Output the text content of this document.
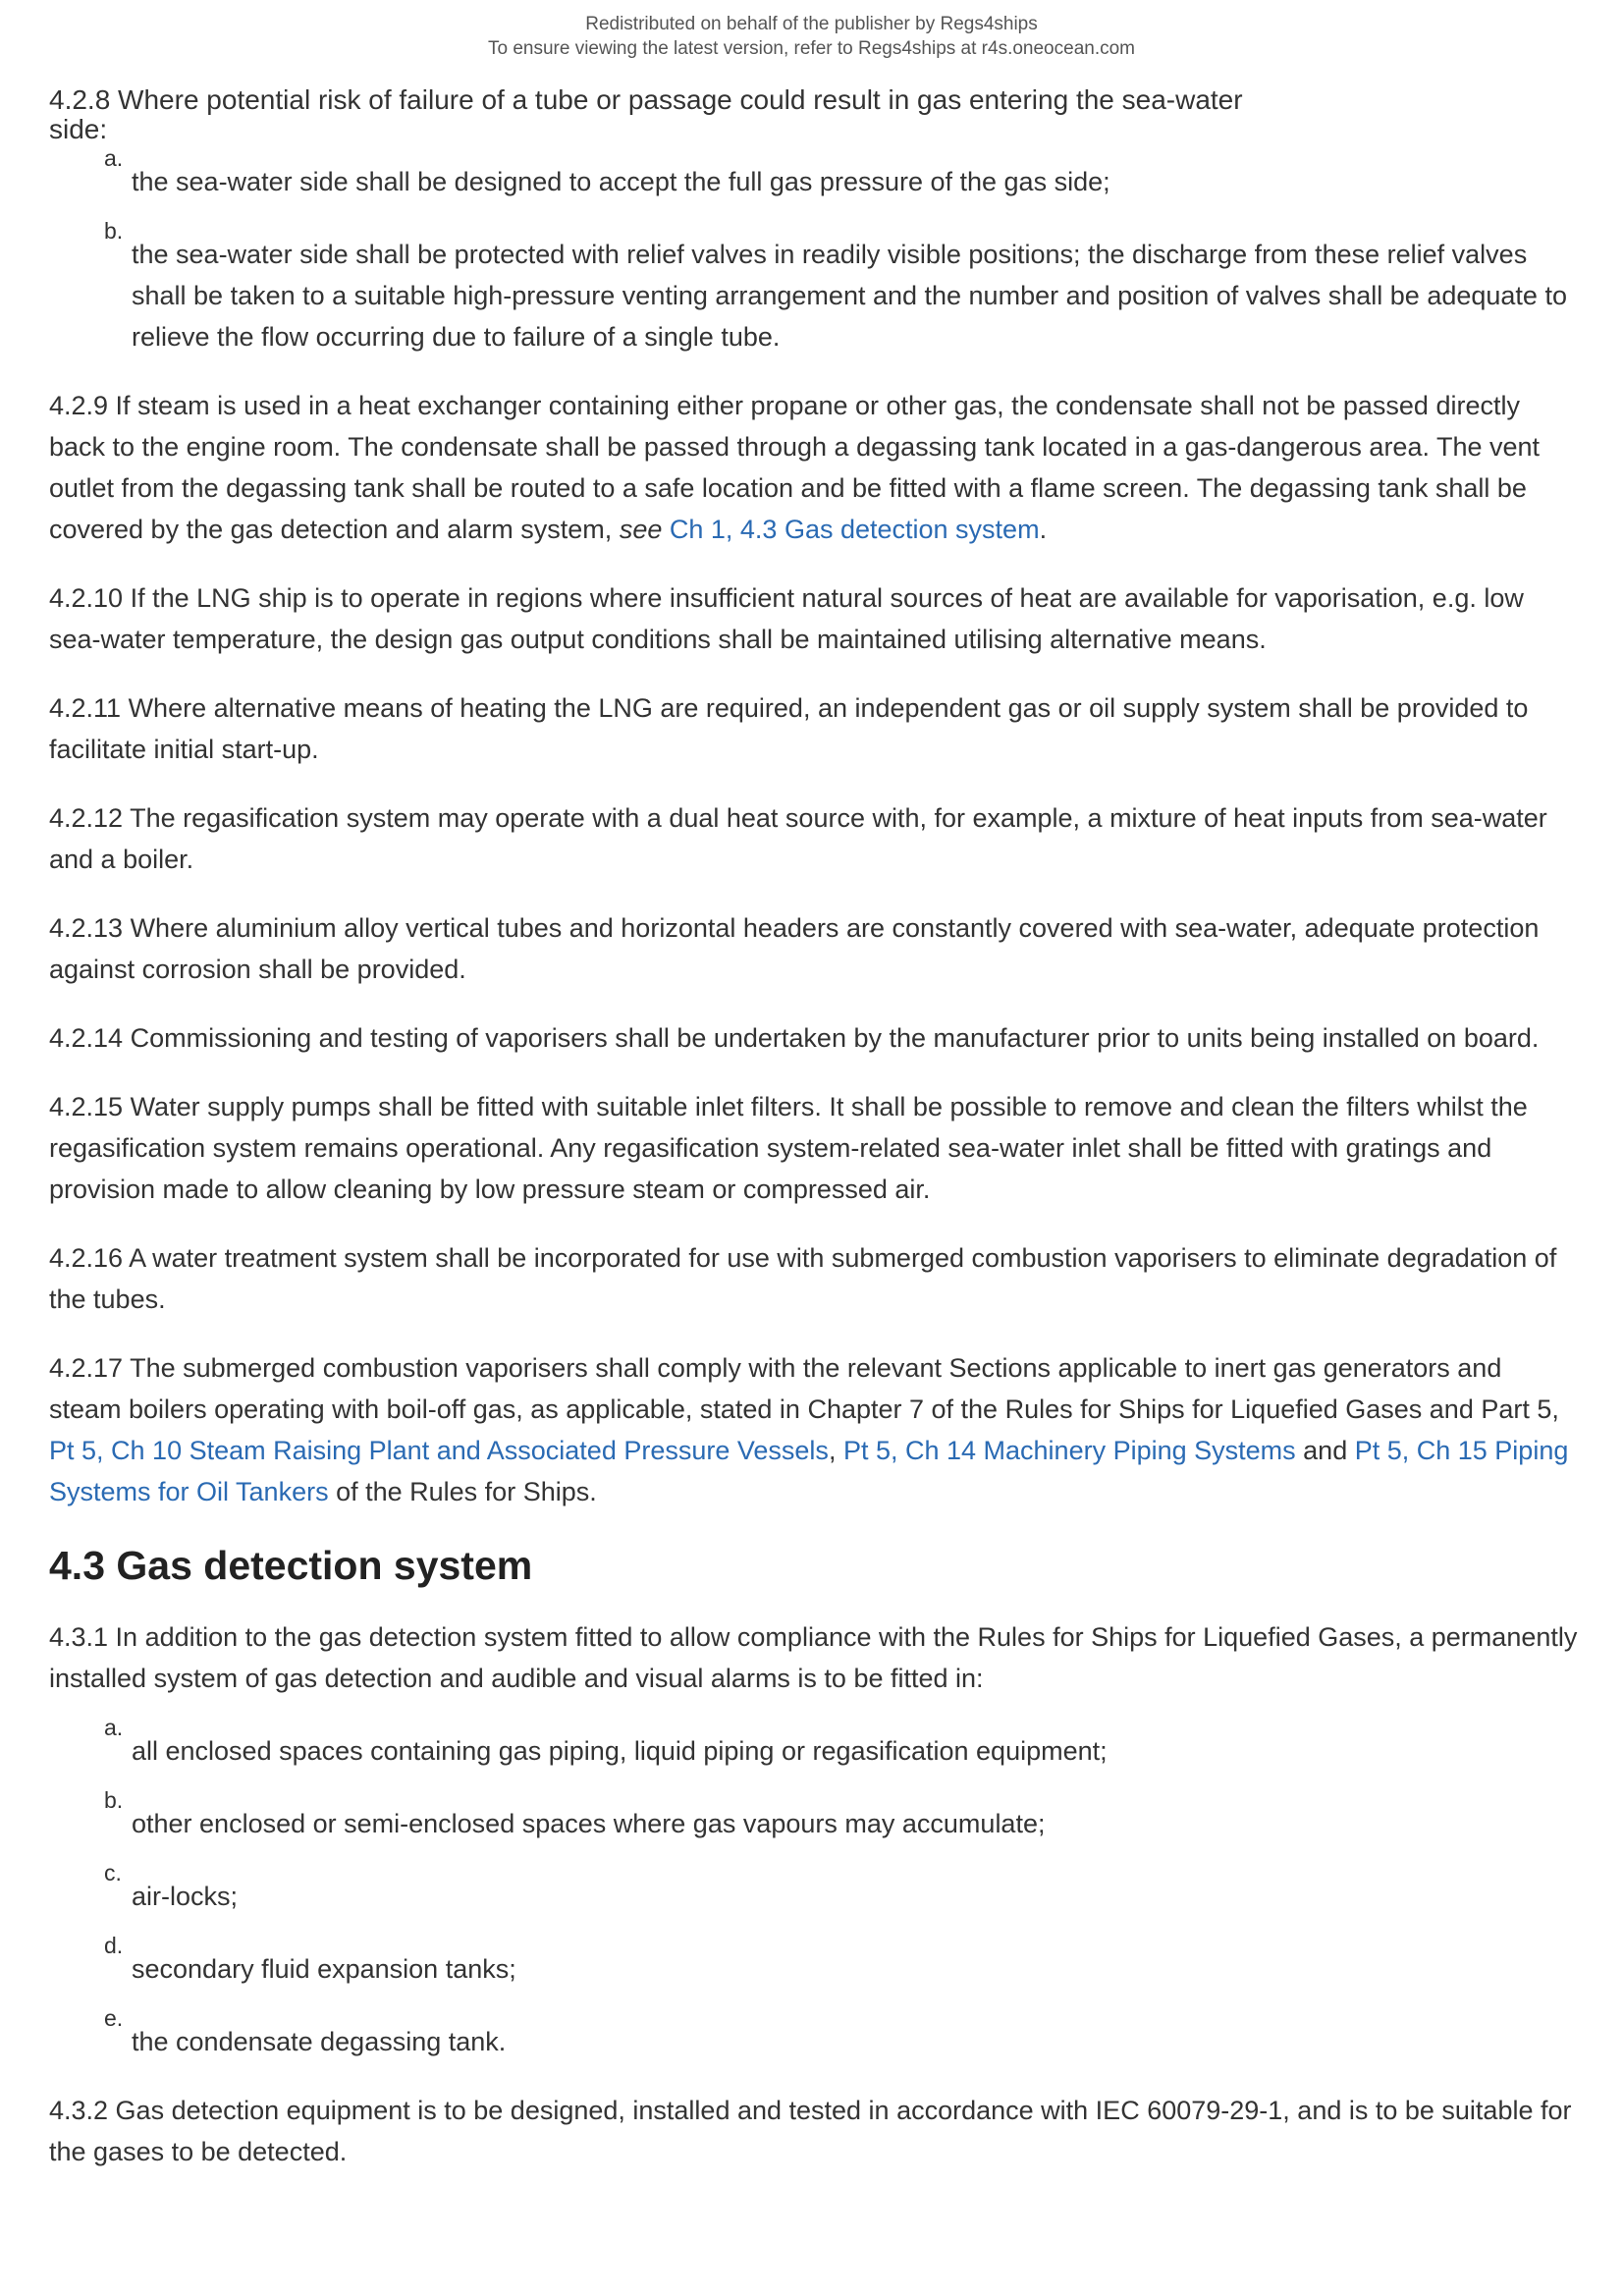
Redistributed on behalf of the publisher by Regs4ships
To ensure viewing the latest version, refer to Regs4ships at r4s.oneocean.com
4.2.8 Where potential risk of failure of a tube or passage could result in gas entering the sea-water side:
a.
the sea-water side shall be designed to accept the full gas pressure of the gas side;
b.
the sea-water side shall be protected with relief valves in readily visible positions; the discharge from these relief valves shall be taken to a suitable high-pressure venting arrangement and the number and position of valves shall be adequate to relieve the flow occurring due to failure of a single tube.

4.2.9 If steam is used in a heat exchanger containing either propane or other gas, the condensate shall not be passed directly back to the engine room. The condensate shall be passed through a degassing tank located in a gas-dangerous area. The vent outlet from the degassing tank shall be routed to a safe location and be fitted with a flame screen. The degassing tank shall be covered by the gas detection and alarm system, see Ch 1, 4.3 Gas detection system.

4.2.10 If the LNG ship is to operate in regions where insufficient natural sources of heat are available for vaporisation, e.g. low sea-water temperature, the design gas output conditions shall be maintained utilising alternative means.

4.2.11 Where alternative means of heating the LNG are required, an independent gas or oil supply system shall be provided to facilitate initial start-up.

4.2.12 The regasification system may operate with a dual heat source with, for example, a mixture of heat inputs from sea-water and a boiler.

4.2.13 Where aluminium alloy vertical tubes and horizontal headers are constantly covered with sea-water, adequate protection against corrosion shall be provided.

4.2.14 Commissioning and testing of vaporisers shall be undertaken by the manufacturer prior to units being installed on board.

4.2.15 Water supply pumps shall be fitted with suitable inlet filters. It shall be possible to remove and clean the filters whilst the regasification system remains operational. Any regasification system-related sea-water inlet shall be fitted with gratings and provision made to allow cleaning by low pressure steam or compressed air.

4.2.16 A water treatment system shall be incorporated for use with submerged combustion vaporisers to eliminate degradation of the tubes.

4.2.17 The submerged combustion vaporisers shall comply with the relevant Sections applicable to inert gas generators and steam boilers operating with boil-off gas, as applicable, stated in Chapter 7 of the Rules for Ships for Liquefied Gases and Part 5, Pt 5, Ch 10 Steam Raising Plant and Associated Pressure Vessels, Pt 5, Ch 14 Machinery Piping Systems and Pt 5, Ch 15 Piping Systems for Oil Tankers of the Rules for Ships.

4.3 Gas detection system

4.3.1 In addition to the gas detection system fitted to allow compliance with the Rules for Ships for Liquefied Gases, a permanently installed system of gas detection and audible and visual alarms is to be fitted in:

a.
all enclosed spaces containing gas piping, liquid piping or regasification equipment;
b.
other enclosed or semi-enclosed spaces where gas vapours may accumulate;
c.
air-locks;
d.
secondary fluid expansion tanks;
e.
the condensate degassing tank.

4.3.2 Gas detection equipment is to be designed, installed and tested in accordance with IEC 60079-29-1, and is to be suitable for the gases to be detected.
